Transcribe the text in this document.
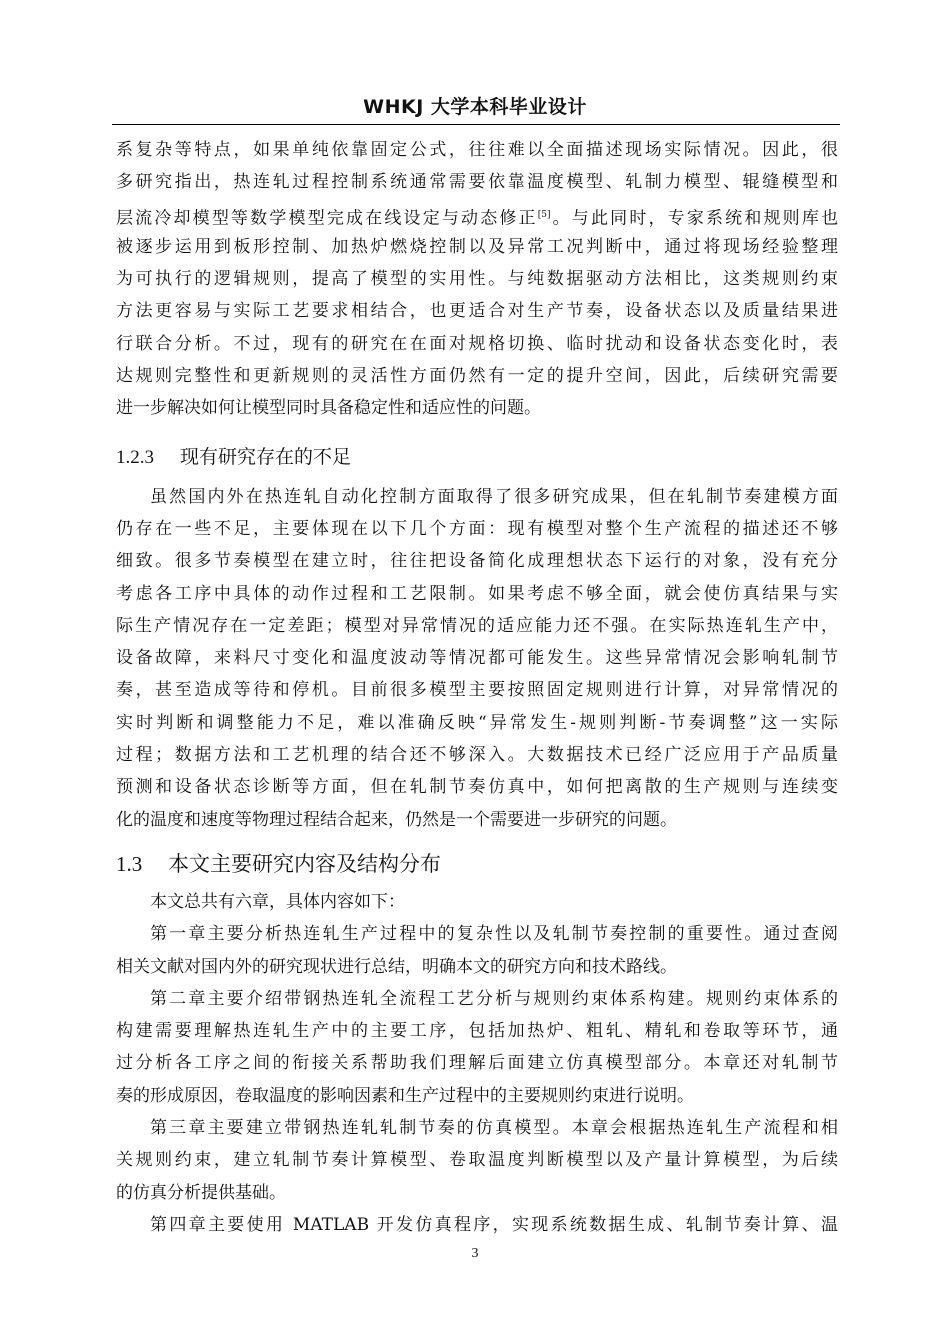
WHKJ 大学本科毕业设计
系复杂等特点，如果单纯依靠固定公式，往往难以全面描述现场实际情况。因此，很
多研究指出，热连轧过程控制系统通常需要依靠温度模型、轧制力模型、辊缝模型和
层流冷却模型等数学模型完成在线设定与动态修正[5]。与此同时，专家系统和规则库也
被逐步运用到板形控制、加热炉燃烧控制以及异常工况判断中，通过将现场经验整理
为可执行的逻辑规则，提高了模型的实用性。与纯数据驱动方法相比，这类规则约束
方法更容易与实际工艺要求相结合，也更适合对生产节奏，设备状态以及质量结果进
行联合分析。不过，现有的研究在在面对规格切换、临时扰动和设备状态变化时，表
达规则完整性和更新规则的灵活性方面仍然有一定的提升空间，因此，后续研究需要
进一步解决如何让模型同时具备稳定性和适应性的问题。
1.2.3 现有研究存在的不足
虽然国内外在热连轧自动化控制方面取得了很多研究成果，但在轧制节奏建模方面
仍存在一些不足，主要体现在以下几个方面：现有模型对整个生产流程的描述还不够
细致。很多节奏模型在建立时，往往把设备简化成理想状态下运行的对象，没有充分
考虑各工序中具体的动作过程和工艺限制。如果考虑不够全面，就会使仿真结果与实
际生产情况存在一定差距；模型对异常情况的适应能力还不强。在实际热连轧生产中，
设备故障，来料尺寸变化和温度波动等情况都可能发生。这些异常情况会影响轧制节
奏，甚至造成等待和停机。目前很多模型主要按照固定规则进行计算，对异常情况的
实时判断和调整能力不足，难以准确反映“异常发生-规则判断-节奏调整”这一实际
过程；数据方法和工艺机理的结合还不够深入。大数据技术已经广泛应用于产品质量
预测和设备状态诊断等方面，但在轧制节奏仿真中，如何把离散的生产规则与连续变
化的温度和速度等物理过程结合起来，仍然是一个需要进一步研究的问题。
1.3 本文主要研究内容及结构分布
本文总共有六章，具体内容如下：
第一章主要分析热连轧生产过程中的复杂性以及轧制节奏控制的重要性。通过查阅
相关文献对国内外的研究现状进行总结，明确本文的研究方向和技术路线。
第二章主要介绍带钢热连轧全流程工艺分析与规则约束体系构建。规则约束体系的
构建需要理解热连轧生产中的主要工序，包括加热炉、粗轧、精轧和卷取等环节，通
过分析各工序之间的衔接关系帮助我们理解后面建立仿真模型部分。本章还对轧制节
奏的形成原因，卷取温度的影响因素和生产过程中的主要规则约束进行说明。
第三章主要建立带钢热连轧轧制节奏的仿真模型。本章会根据热连轧生产流程和相
关规则约束，建立轧制节奏计算模型、卷取温度判断模型以及产量计算模型，为后续
的仿真分析提供基础。
第四章主要使用 MATLAB 开发仿真程序，实现系统数据生成、轧制节奏计算、温
3
